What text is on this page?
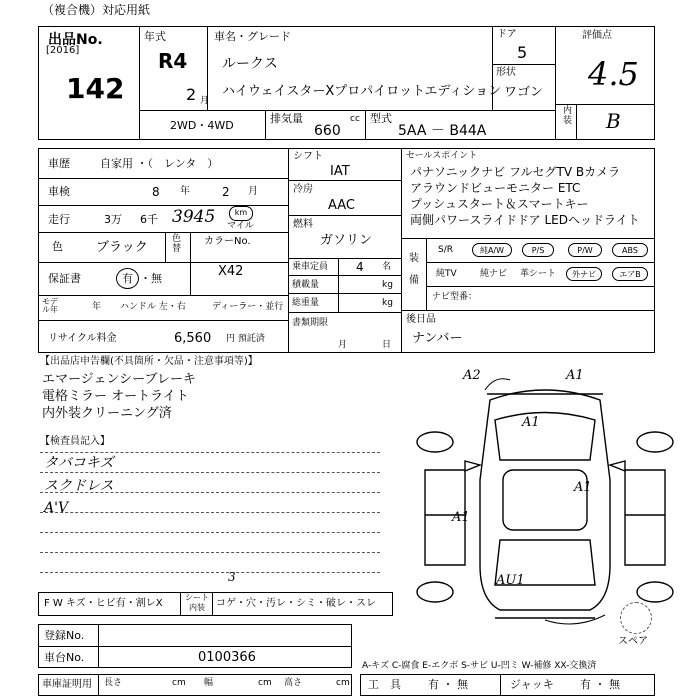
（複合機）対応用紙
出品No.
[2016]
142
年式
R4
2 月
車名・グレード
ルークス
ハイウェイスターXプロパイロットエディション
ドア
5
形状
ワゴン
評価点
4.5
内装 B
2WD・4WD
排気量	cc
660
型式
5AA － B44A
車歴	自家用 ・（　レンタ　）
車検	8 年	2 月
走行	3万 6千 3945	km
マイル
色	ブラック
色替
カラーNo.
X42
保証書	有 ・無
モデル年	年 ハンドル 左・右	ディーラー・並行
リサイクル料金	6,560 円 預託済
シフト
IAT
冷房
AAC
燃料
ガソリン
乗車定員 4 名
積載量	kg
総重量	kg
書類期限
月	日
セールスポイント
パナソニックナビ フルセグTV Bカメラ
アラウンドビューモニター ETC
プッシュスタート＆スマートキー
両側パワースライドドア LEDヘッドライト
装備
S/R	純A/W	P/S	P/W	ABS
純TV	純ナビ 革シート	外ナビ	エアB
ナビ型番：
後日品
ナンバー
【出品店申告欄(不具箇所・欠品・注意事項等)】
エマージェンシーブレーキ
電格ミラー オートライト
内外装クリーニング済
【検査員記入】
タバコキズ
スクドレス
A'V
A2	A1
A1
A1
A1
AU1
スペア
F W キズ・ヒビ有・割レX
シート内装	コゲ・穴・汚レ・シミ・破レ・スレ
3
登録No.
車台No.	0100366
A-キズ C-腐食 E-エクボ S-サビ U-凹ミ W-補修 XX-交換済
車庫証明用 長さ	cm 幅	cm 高さ	cm 工　具 有 ・ 無	ジャッキ 有 ・ 無
